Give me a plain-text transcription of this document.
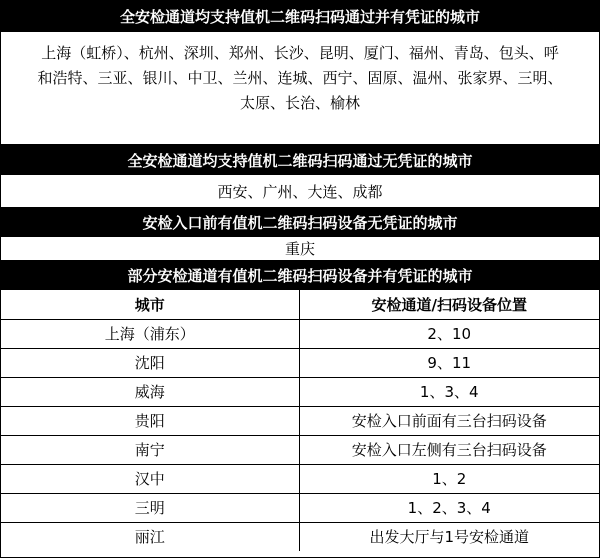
全安检通道均支持值机二维码扫码通过并有凭证的城市
上海（虹桥）、杭州、深圳、郑州、长沙、昆明、厦门、福州、青岛、包头、呼
和浩特、三亚、银川、中卫、兰州、连城、西宁、固原、温州、张家界、三明、
太原、长治、榆林
全安检通道均支持值机二维码扫码通过无凭证的城市
西安、广州、大连、成都
安检入口前有值机二维码扫码设备无凭证的城市
重庆
部分安检通道有值机二维码扫码设备并有凭证的城市
城市	安检通道/扫码设备位置
上海（浦东）	2、10
沈阳	9、11
威海	1、3、4
贵阳	安检入口前面有三台扫码设备
南宁	安检入口左侧有三台扫码设备
汉中	1、2
三明	1、2、3、4
丽江	出发大厅与1号安检通道
